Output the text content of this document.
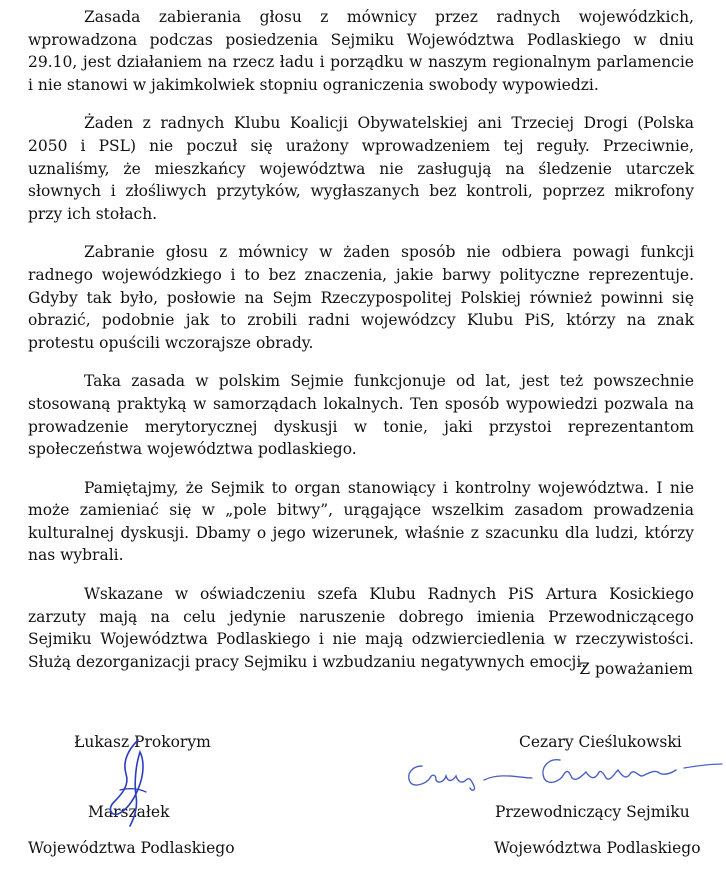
Zasada zabierania głosu z mównicy przez radnych wojewódzkich, wprowadzona podczas posiedzenia Sejmiku Województwa Podlaskiego w dniu 29.10, jest działaniem na rzecz ładu i porządku w naszym regionalnym parlamencie i nie stanowi w jakimkolwiek stopniu ograniczenia swobody wypowiedzi.

Żaden z radnych Klubu Koalicji Obywatelskiej ani Trzeciej Drogi (Polska 2050 i PSL) nie poczuł się urażony wprowadzeniem tej reguły. Przeciwnie, uznaliśmy, że mieszkańcy województwa nie zasługują na śledzenie utarczek słownych i złośliwych przytyków, wygłaszanych bez kontroli, poprzez mikrofony przy ich stołach.

Zabranie głosu z mównicy w żaden sposób nie odbiera powagi funkcji radnego wojewódzkiego i to bez znaczenia, jakie barwy polityczne reprezentuje. Gdyby tak było, posłowie na Sejm Rzeczypospolitej Polskiej również powinni się obrazić, podobnie jak to zrobili radni wojewódzcy Klubu PiS, którzy na znak protestu opuścili wczorajsze obrady.

Taka zasada w polskim Sejmie funkcjonuje od lat, jest też powszechnie stosowaną praktyką w samorządach lokalnych. Ten sposób wypowiedzi pozwala na prowadzenie merytorycznej dyskusji w tonie, jaki przystoi reprezentantom społeczeństwa województwa podlaskiego.

Pamiętajmy, że Sejmik to organ stanowiący i kontrolny województwa. I nie może zamieniać się w „pole bitwy”, urągające wszelkim zasadom prowadzenia kulturalnej dyskusji. Dbamy o jego wizerunek, właśnie z szacunku dla ludzi, którzy nas wybrali.

Wskazane w oświadczeniu szefa Klubu Radnych PiS Artura Kosickiego zarzuty mają na celu jedynie naruszenie dobrego imienia Przewodniczącego Sejmiku Województwa Podlaskiego i nie mają odzwierciedlenia w rzeczywistości. Służą dezorganizacji pracy Sejmiku i wzbudzaniu negatywnych emocji.

Z poważaniem
Łukasz Prokorym
Marszałek
Województwa Podlaskiego
Cezary Cieślukowski
Przewodniczący Sejmiku
Województwa Podlaskiego
